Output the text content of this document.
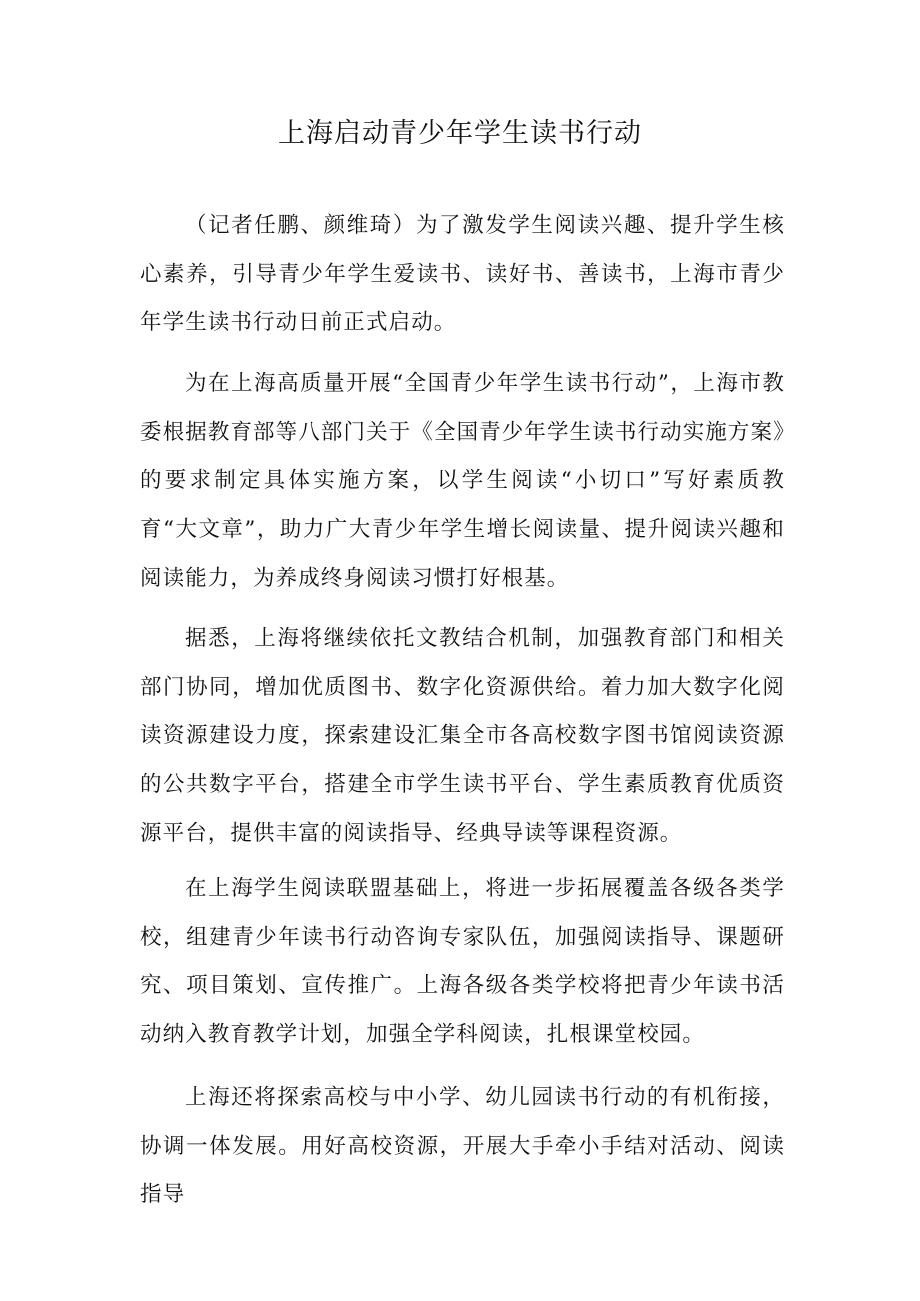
上海启动青少年学生读书行动

（记者任鹏、颜维琦）为了激发学生阅读兴趣、提升学生核心素养，引导青少年学生爱读书、读好书、善读书，上海市青少年学生读书行动日前正式启动。

为在上海高质量开展“全国青少年学生读书行动”，上海市教委根据教育部等八部门关于《全国青少年学生读书行动实施方案》的要求制定具体实施方案，以学生阅读“小切口”写好素质教育“大文章”，助力广大青少年学生增长阅读量、提升阅读兴趣和阅读能力，为养成终身阅读习惯打好根基。

据悉，上海将继续依托文教结合机制，加强教育部门和相关部门协同，增加优质图书、数字化资源供给。着力加大数字化阅读资源建设力度，探索建设汇集全市各高校数字图书馆阅读资源的公共数字平台，搭建全市学生读书平台、学生素质教育优质资源平台，提供丰富的阅读指导、经典导读等课程资源。

在上海学生阅读联盟基础上，将进一步拓展覆盖各级各类学校，组建青少年读书行动咨询专家队伍，加强阅读指导、课题研究、项目策划、宣传推广。上海各级各类学校将把青少年读书活动纳入教育教学计划，加强全学科阅读，扎根课堂校园。

上海还将探索高校与中小学、幼儿园读书行动的有机衔接，协调一体发展。用好高校资源，开展大手牵小手结对活动、阅读指导
